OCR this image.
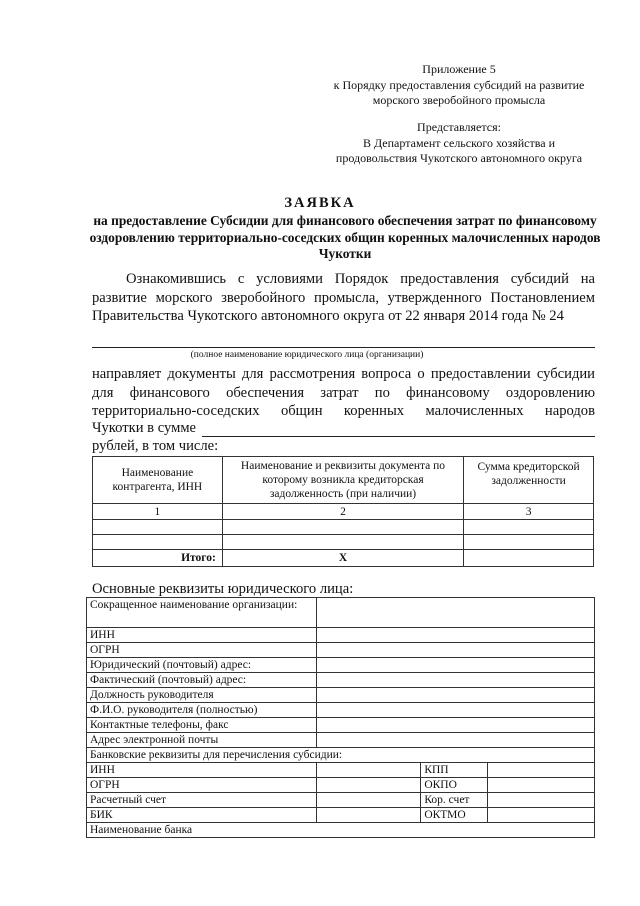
Приложение 5
к Порядку предоставления субсидий на развитие
морского зверобойного промысла
Представляется:
В Департамент сельского хозяйства и
продовольствия Чукотского автономного округа
ЗАЯВКА
на предоставление Субсидии для финансового обеспечения затрат по финансовому оздоровлению территориально-соседских общин коренных малочисленных народов Чукотки
Ознакомившись с условиями Порядок предоставления субсидий на развитие морского зверобойного промысла, утвержденного Постановлением Правительства Чукотского автономного округа от 22 января 2014 года № 24
(полное наименование юридического лица (организации)
направляет документы для рассмотрения вопроса о предоставлении субсидии для финансового обеспечения затрат по финансовому оздоровлению территориально-соседских общин коренных малочисленных народов
Чукотки в сумме
рублей, в том числе:
Наименование контрагента, ИНН	Наименование и реквизиты документа по которому возникла кредиторская задолженность (при наличии)	Сумма кредиторской задолженности
1	2	3

Итого:	Х	
Основные реквизиты юридического лица:
Сокращенное наименование организации:			
ИНН			
ОГРН			
Юридический (почтовый) адрес:			
Фактический (почтовый) адрес:			
Должность руководителя			
Ф.И.О. руководителя (полностью)			
Контактные телефоны, факс			
Адрес электронной почты			
Банковские реквизиты для перечисления субсидии:			
ИНН		КПП	
ОГРН		ОКПО	
Расчетный счет		Кор. счет	
БИК		ОКТМО	
Наименование банка			
